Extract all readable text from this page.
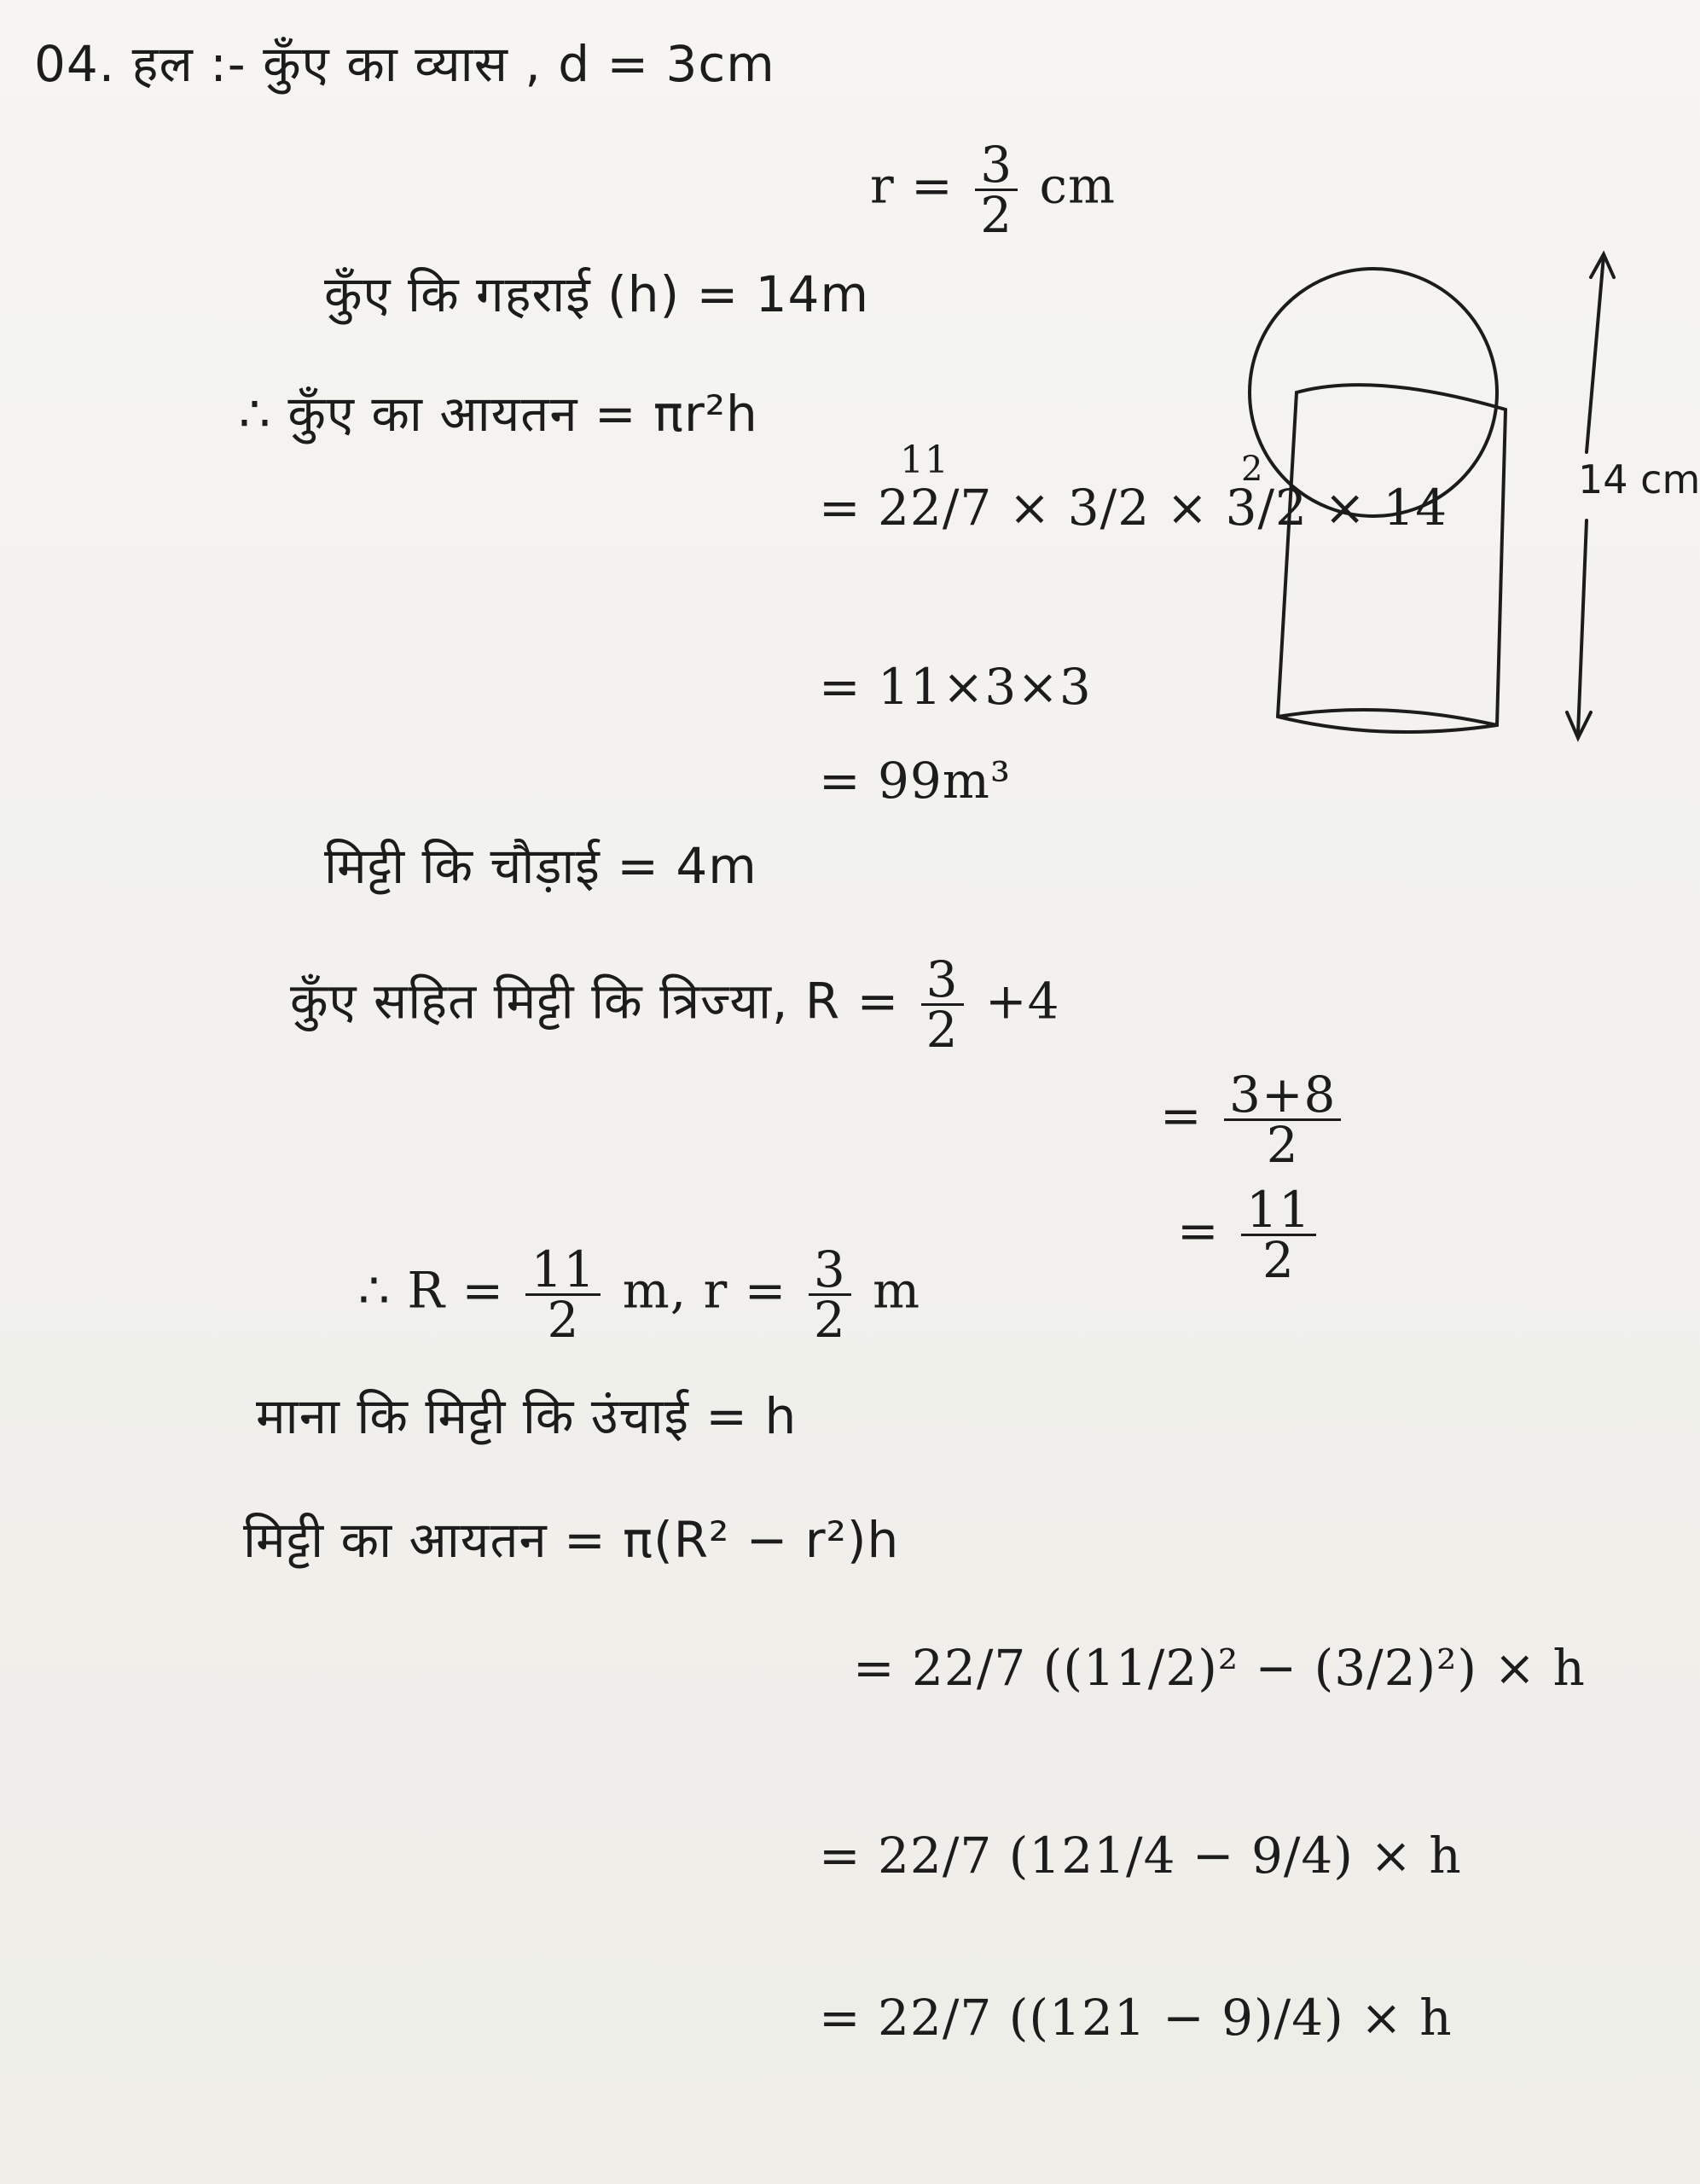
04. हल :- कुँए का व्यास , d = 3cm
$r = \frac{3}{2}$ cm
कुँए कि गहराई (h) = 14m
∴ कुँए का आयतन = πr²h
11	2
= 22/7 × 3/2 × 3/2 × 14
= 11×3×3
= 99m³
मिट्टी कि चौड़ाई = 4m
कुँए सहित मिट्टी कि त्रिज्या, $R = \frac{3}{2} +4$
= $\frac{3+8}{2}$
= $\frac{11}{2}$
∴ $R = \frac{11}{2} m$, $r = \frac{3}{2}$ m
माना कि मिट्टी कि उंचाई = h
मिट्टी का आयतन = π(R² − r²)h
= 22/7 ((11/2)² − (3/2)²) × h
= 22/7 (121/4 − 9/4) × h
= 22/7 ((121 − 9)/4) × h
14 cm
